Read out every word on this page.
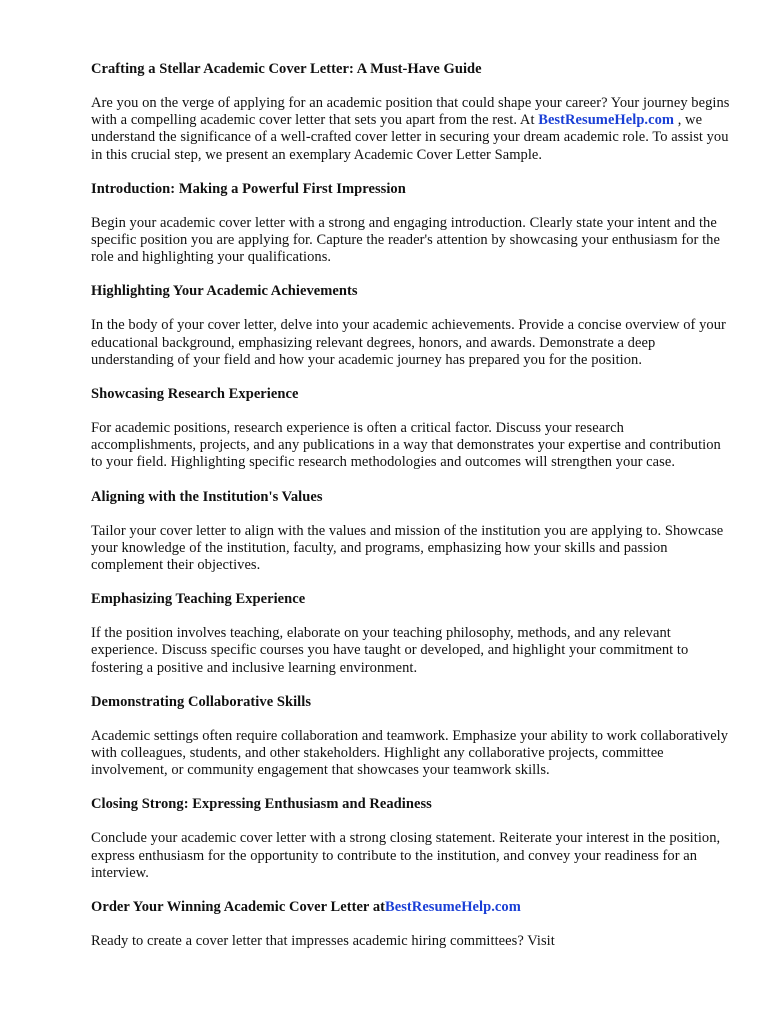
Crafting a Stellar Academic Cover Letter: A Must-Have Guide

Are you on the verge of applying for an academic position that could shape your career? Your journey begins with a compelling academic cover letter that sets you apart from the rest. At BestResumeHelp.com , we understand the significance of a well-crafted cover letter in securing your dream academic role. To assist you in this crucial step, we present an exemplary Academic Cover Letter Sample.

Introduction: Making a Powerful First Impression

Begin your academic cover letter with a strong and engaging introduction. Clearly state your intent and the specific position you are applying for. Capture the reader's attention by showcasing your enthusiasm for the role and highlighting your qualifications.

Highlighting Your Academic Achievements

In the body of your cover letter, delve into your academic achievements. Provide a concise overview of your educational background, emphasizing relevant degrees, honors, and awards. Demonstrate a deep understanding of your field and how your academic journey has prepared you for the position.

Showcasing Research Experience

For academic positions, research experience is often a critical factor. Discuss your research accomplishments, projects, and any publications in a way that demonstrates your expertise and contribution to your field. Highlighting specific research methodologies and outcomes will strengthen your case.

Aligning with the Institution's Values

Tailor your cover letter to align with the values and mission of the institution you are applying to. Showcase your knowledge of the institution, faculty, and programs, emphasizing how your skills and passion complement their objectives.

Emphasizing Teaching Experience

If the position involves teaching, elaborate on your teaching philosophy, methods, and any relevant experience. Discuss specific courses you have taught or developed, and highlight your commitment to fostering a positive and inclusive learning environment.

Demonstrating Collaborative Skills

Academic settings often require collaboration and teamwork. Emphasize your ability to work collaboratively with colleagues, students, and other stakeholders. Highlight any collaborative projects, committee involvement, or community engagement that showcases your teamwork skills.

Closing Strong: Expressing Enthusiasm and Readiness

Conclude your academic cover letter with a strong closing statement. Reiterate your interest in the position, express enthusiasm for the opportunity to contribute to the institution, and convey your readiness for an interview.

Order Your Winning Academic Cover Letter atBestResumeHelp.com

Ready to create a cover letter that impresses academic hiring committees? Visit
